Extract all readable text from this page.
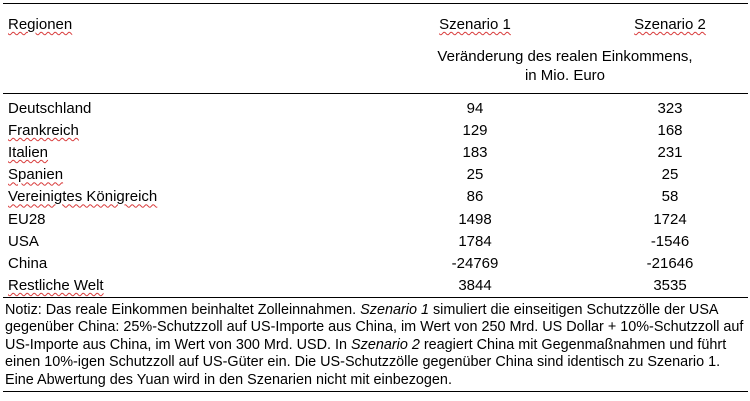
Regionen	Szenario 1	Szenario 2
Veränderung des realen Einkommens,
in Mio. Euro
Deutschland	94	323
Frankreich	129	168
Italien	183	231
Spanien	25	25
Vereinigtes Königreich	86	58
EU28	1498	1724
USA	1784	-1546
China	-24769	-21646
Restliche Welt	3844	3535
Notiz: Das reale Einkommen beinhaltet Zolleinnahmen. Szenario 1 simuliert die einseitigen Schutzzölle der USA gegenüber China: 25%-Schutzzoll auf US-Importe aus China, im Wert von 250 Mrd. US Dollar + 10%-Schutzzoll auf US-Importe aus China, im Wert von 300 Mrd. USD. In Szenario 2 reagiert China mit Gegenmaßnahmen und führt einen 10%-igen Schutzzoll auf US-Güter ein. Die US-Schutzzölle gegenüber China sind identisch zu Szenario 1. Eine Abwertung des Yuan wird in den Szenarien nicht mit einbezogen.
